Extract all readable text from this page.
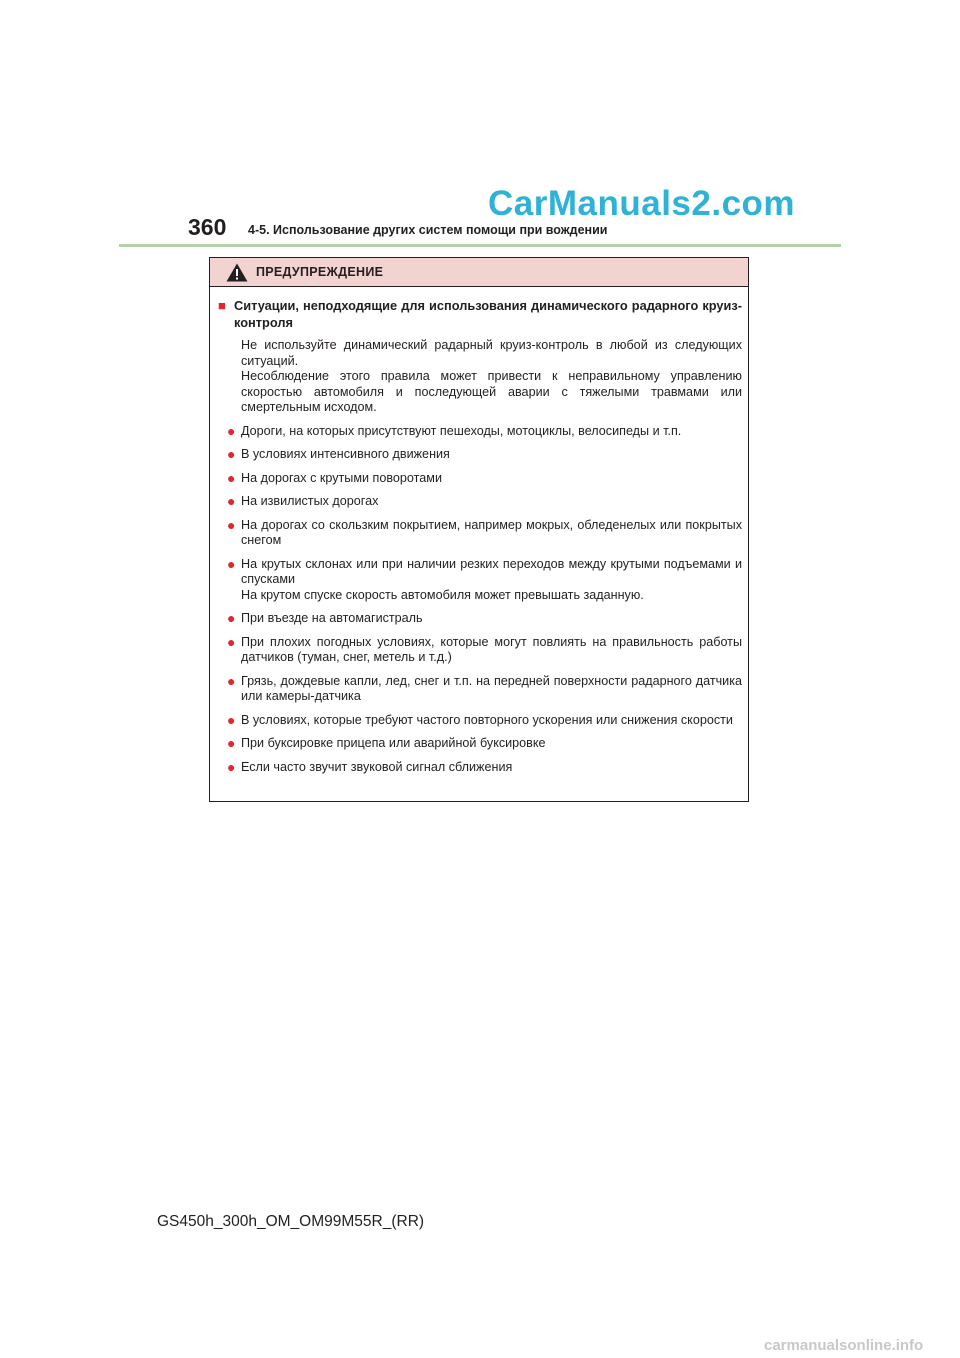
CarManuals2.com
360 4-5. Использование других систем помощи при вождении
ПРЕДУПРЕЖДЕНИЕ
■ Ситуации, неподходящие для использования динамического радарного круиз-контроля
Не используйте динамический радарный круиз-контроль в любой из следующих ситуаций.
Несоблюдение этого правила может привести к неправильному управлению скоростью автомобиля и последующей аварии с тяжелыми травмами или смертельным исходом.
● Дороги, на которых присутствуют пешеходы, мотоциклы, велосипеды и т.п.
● В условиях интенсивного движения
● На дорогах с крутыми поворотами
● На извилистых дорогах
● На дорогах со скользким покрытием, например мокрых, обледенелых или покрытых снегом
● На крутых склонах или при наличии резких переходов между крутыми подъемами и спусками
На крутом спуске скорость автомобиля может превышать заданную.
● При въезде на автомагистраль
● При плохих погодных условиях, которые могут повлиять на правильность работы датчиков (туман, снег, метель и т.д.)
● Грязь, дождевые капли, лед, снег и т.п. на передней поверхности радарного датчика или камеры-датчика
● В условиях, которые требуют частого повторного ускорения или снижения скорости
● При буксировке прицепа или аварийной буксировке
● Если часто звучит звуковой сигнал сближения
GS450h_300h_OM_OM99M55R_(RR)
carmanualsonline.info
